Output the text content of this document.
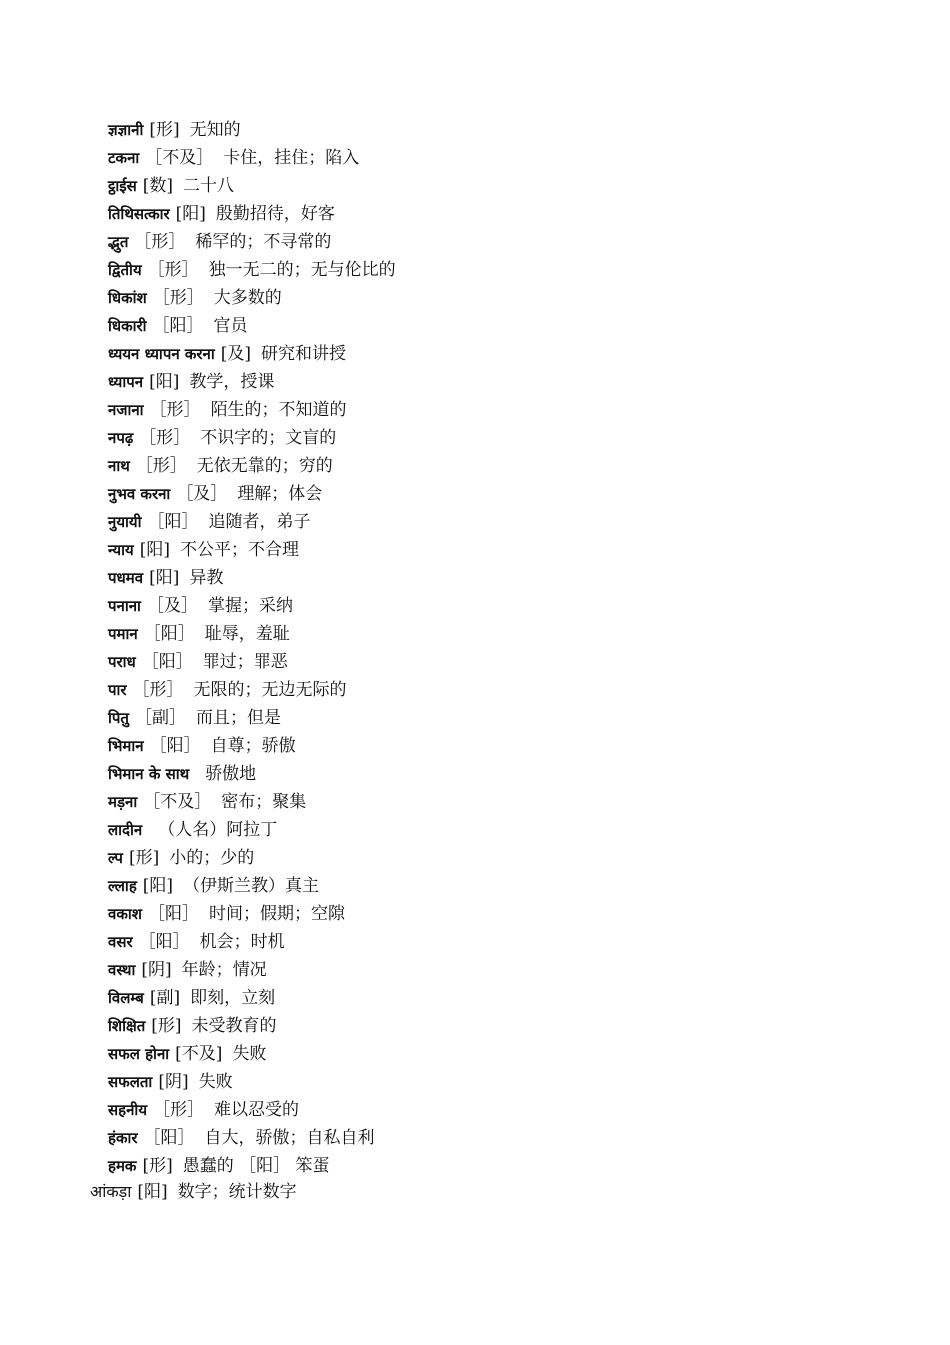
ज्ञज्ञानी [形] 无知的
टकना ［不及］ 卡住，挂住；陷入
ट्ठाईस [数] 二十八
तिथिसत्कार [阳] 殷勤招待，好客
द्भुत ［形］ 稀罕的；不寻常的
द्वितीय ［形］ 独一无二的；无与伦比的
धिकांश ［形］ 大多数的
धिकारी ［阳］ 官员
ध्ययन ध्यापन करना [及] 研究和讲授
ध्यापन [阳] 教学，授课
नजाना ［形］ 陌生的；不知道的
नपढ़ ［形］ 不识字的；文盲的
नाथ ［形］ 无依无靠的；穷的
नुभव करना ［及］ 理解；体会
नुयायी ［阳］ 追随者，弟子
न्याय [阳] 不公平；不合理
पधमव [阳] 异教
पनाना ［及］ 掌握；采纳
पमान ［阳］ 耻辱，羞耻
पराध ［阳］ 罪过；罪恶
पार ［形］ 无限的；无边无际的
पितु ［副］ 而且；但是
भिमान ［阳］ 自尊；骄傲
भिमान के साथ 骄傲地
मड़ना ［不及］ 密布；聚集
लादीन （人名）阿拉丁
ल्प [形] 小的；少的
ल्लाह [阳] （伊斯兰教）真主
वकाश ［阳］ 时间；假期；空隙
वसर ［阳］ 机会；时机
वस्था [阴] 年龄；情况
विलम्ब [副] 即刻，立刻
शिक्षित [形] 未受教育的
सफल होना [不及] 失败
सफलता [阴] 失败
सहनीय ［形］ 难以忍受的
हंकार ［阳］ 自大，骄傲；自私自利
हमक [形] 愚蠢的 ［阳］ 笨蛋
आंकड़ा [阳] 数字；统计数字
